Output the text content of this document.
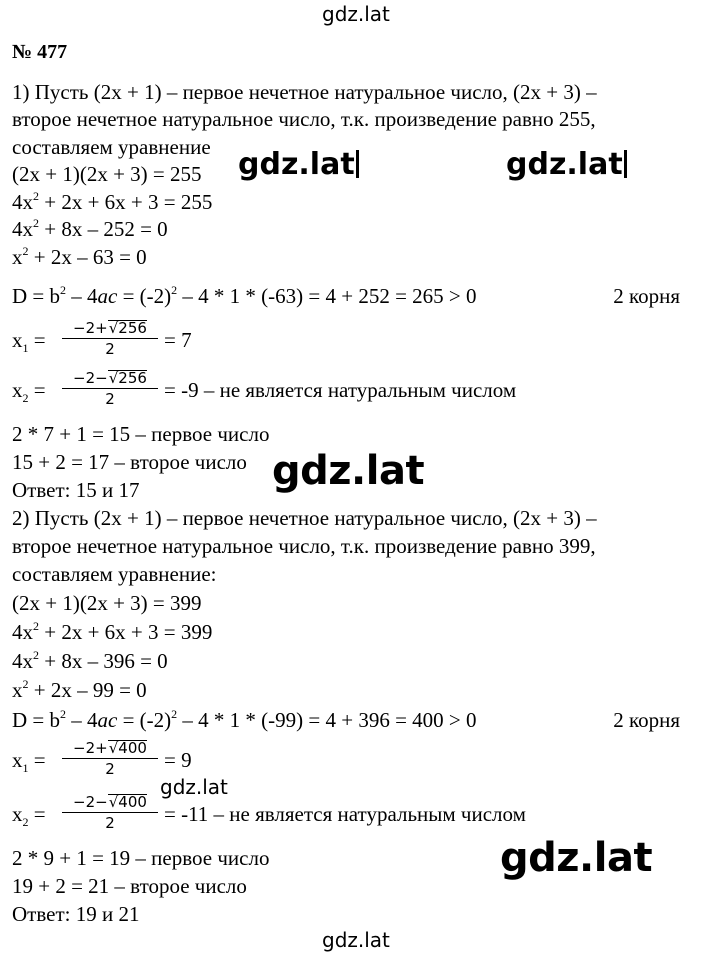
gdz.lat
№ 477
1) Пусть (2x + 1) – первое нечетное натуральное число, (2x + 3) –
второе нечетное натуральное число, т.к. произведение равно 255,
составляем уравнение
(2x + 1)(2x + 3) = 255
$4x^2 + 2x + 6x + 3 = 255$
$4x^2 + 8x - 252 = 0$
$x^2 + 2x - 63 = 0$
$D = b^2 - 4ac = (-2)^2 - 4 * 1 * (-63) = 4 + 252 = 265 > 0$	2 корня
$x_1 = \frac{-2+√256}{2} = 7$
$x_2 = \frac{-2-√256}{2} = -9$ – не является натуральным числом
2 * 7 + 1 = 15 – первое число
15 + 2 = 17 – второе число
Ответ: 15 и 17
2) Пусть (2x + 1) – первое нечетное натуральное число, (2x + 3) –
второе нечетное натуральное число, т.к. произведение равно 399,
составляем уравнение:
(2x + 1)(2x + 3) = 399
$4x^2 + 2x + 6x + 3 = 399$
$4x^2 + 8x - 396 = 0$
$x^2 + 2x - 99 = 0$
$D = b^2 - 4ac = (-2)^2 - 4 * 1 * (-99) = 4 + 396 = 400 > 0$	2 корня
$x_1 = \frac{-2+√400}{2} = 9$
$x_2 = \frac{-2-√400}{2} = -11$ – не является натуральным числом
2 * 9 + 1 = 19 – первое число
19 + 2 = 21 – второе число
Ответ: 19 и 21
gdz.lat	gdz.lat
gdz.lat
gdz.lat
gdz.lat
gdz.lat
